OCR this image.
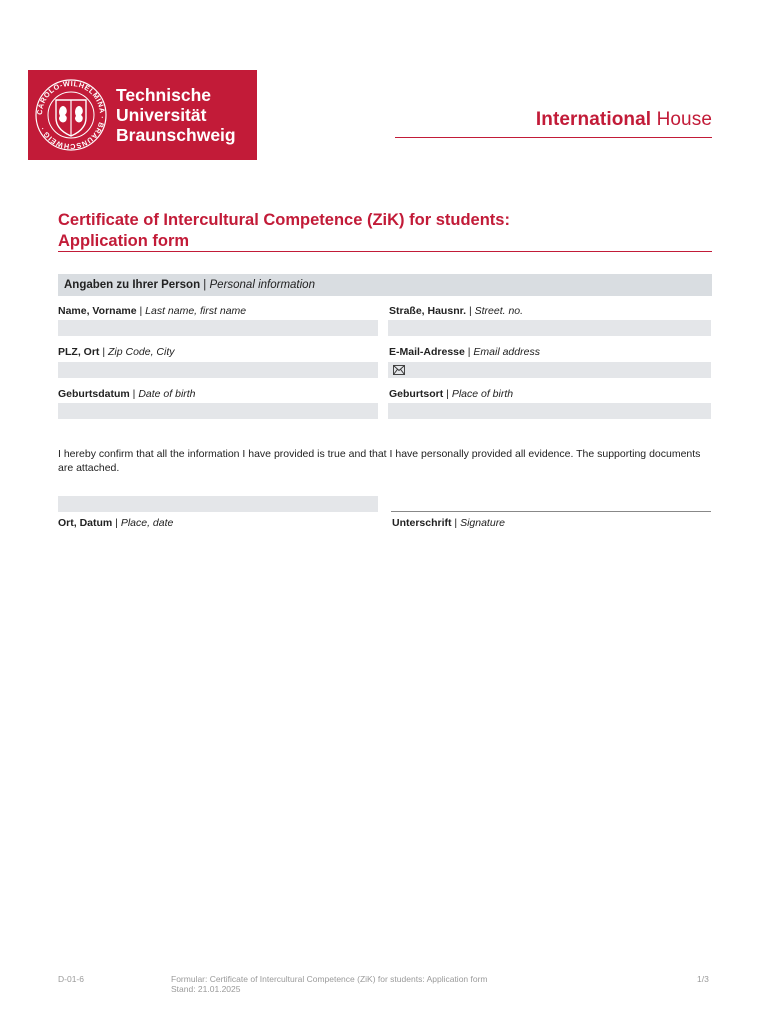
CAROLO-WILHELMINA · BRAUNSCHWEIG ·
Technische
Universität
Braunschweig
International House
Certificate of Intercultural Competence (ZiK) for students:
Application form
Angaben zu Ihrer Person | Personal information
Name, Vorname | Last name, first name	Straße, Hausnr. | Street. no.
PLZ, Ort | Zip Code, City	E-Mail-Adresse | Email address
Geburtsdatum | Date of birth	Geburtsort | Place of birth
I hereby confirm that all the information I have provided is true and that I have personally provided all evidence. The supporting documents are attached.
Ort, Datum | Place, date	Unterschrift | Signature
D-01-6	Formular: Certificate of Intercultural Competence (ZiK) for students: Application form
Stand: 21.01.2025
1/3
